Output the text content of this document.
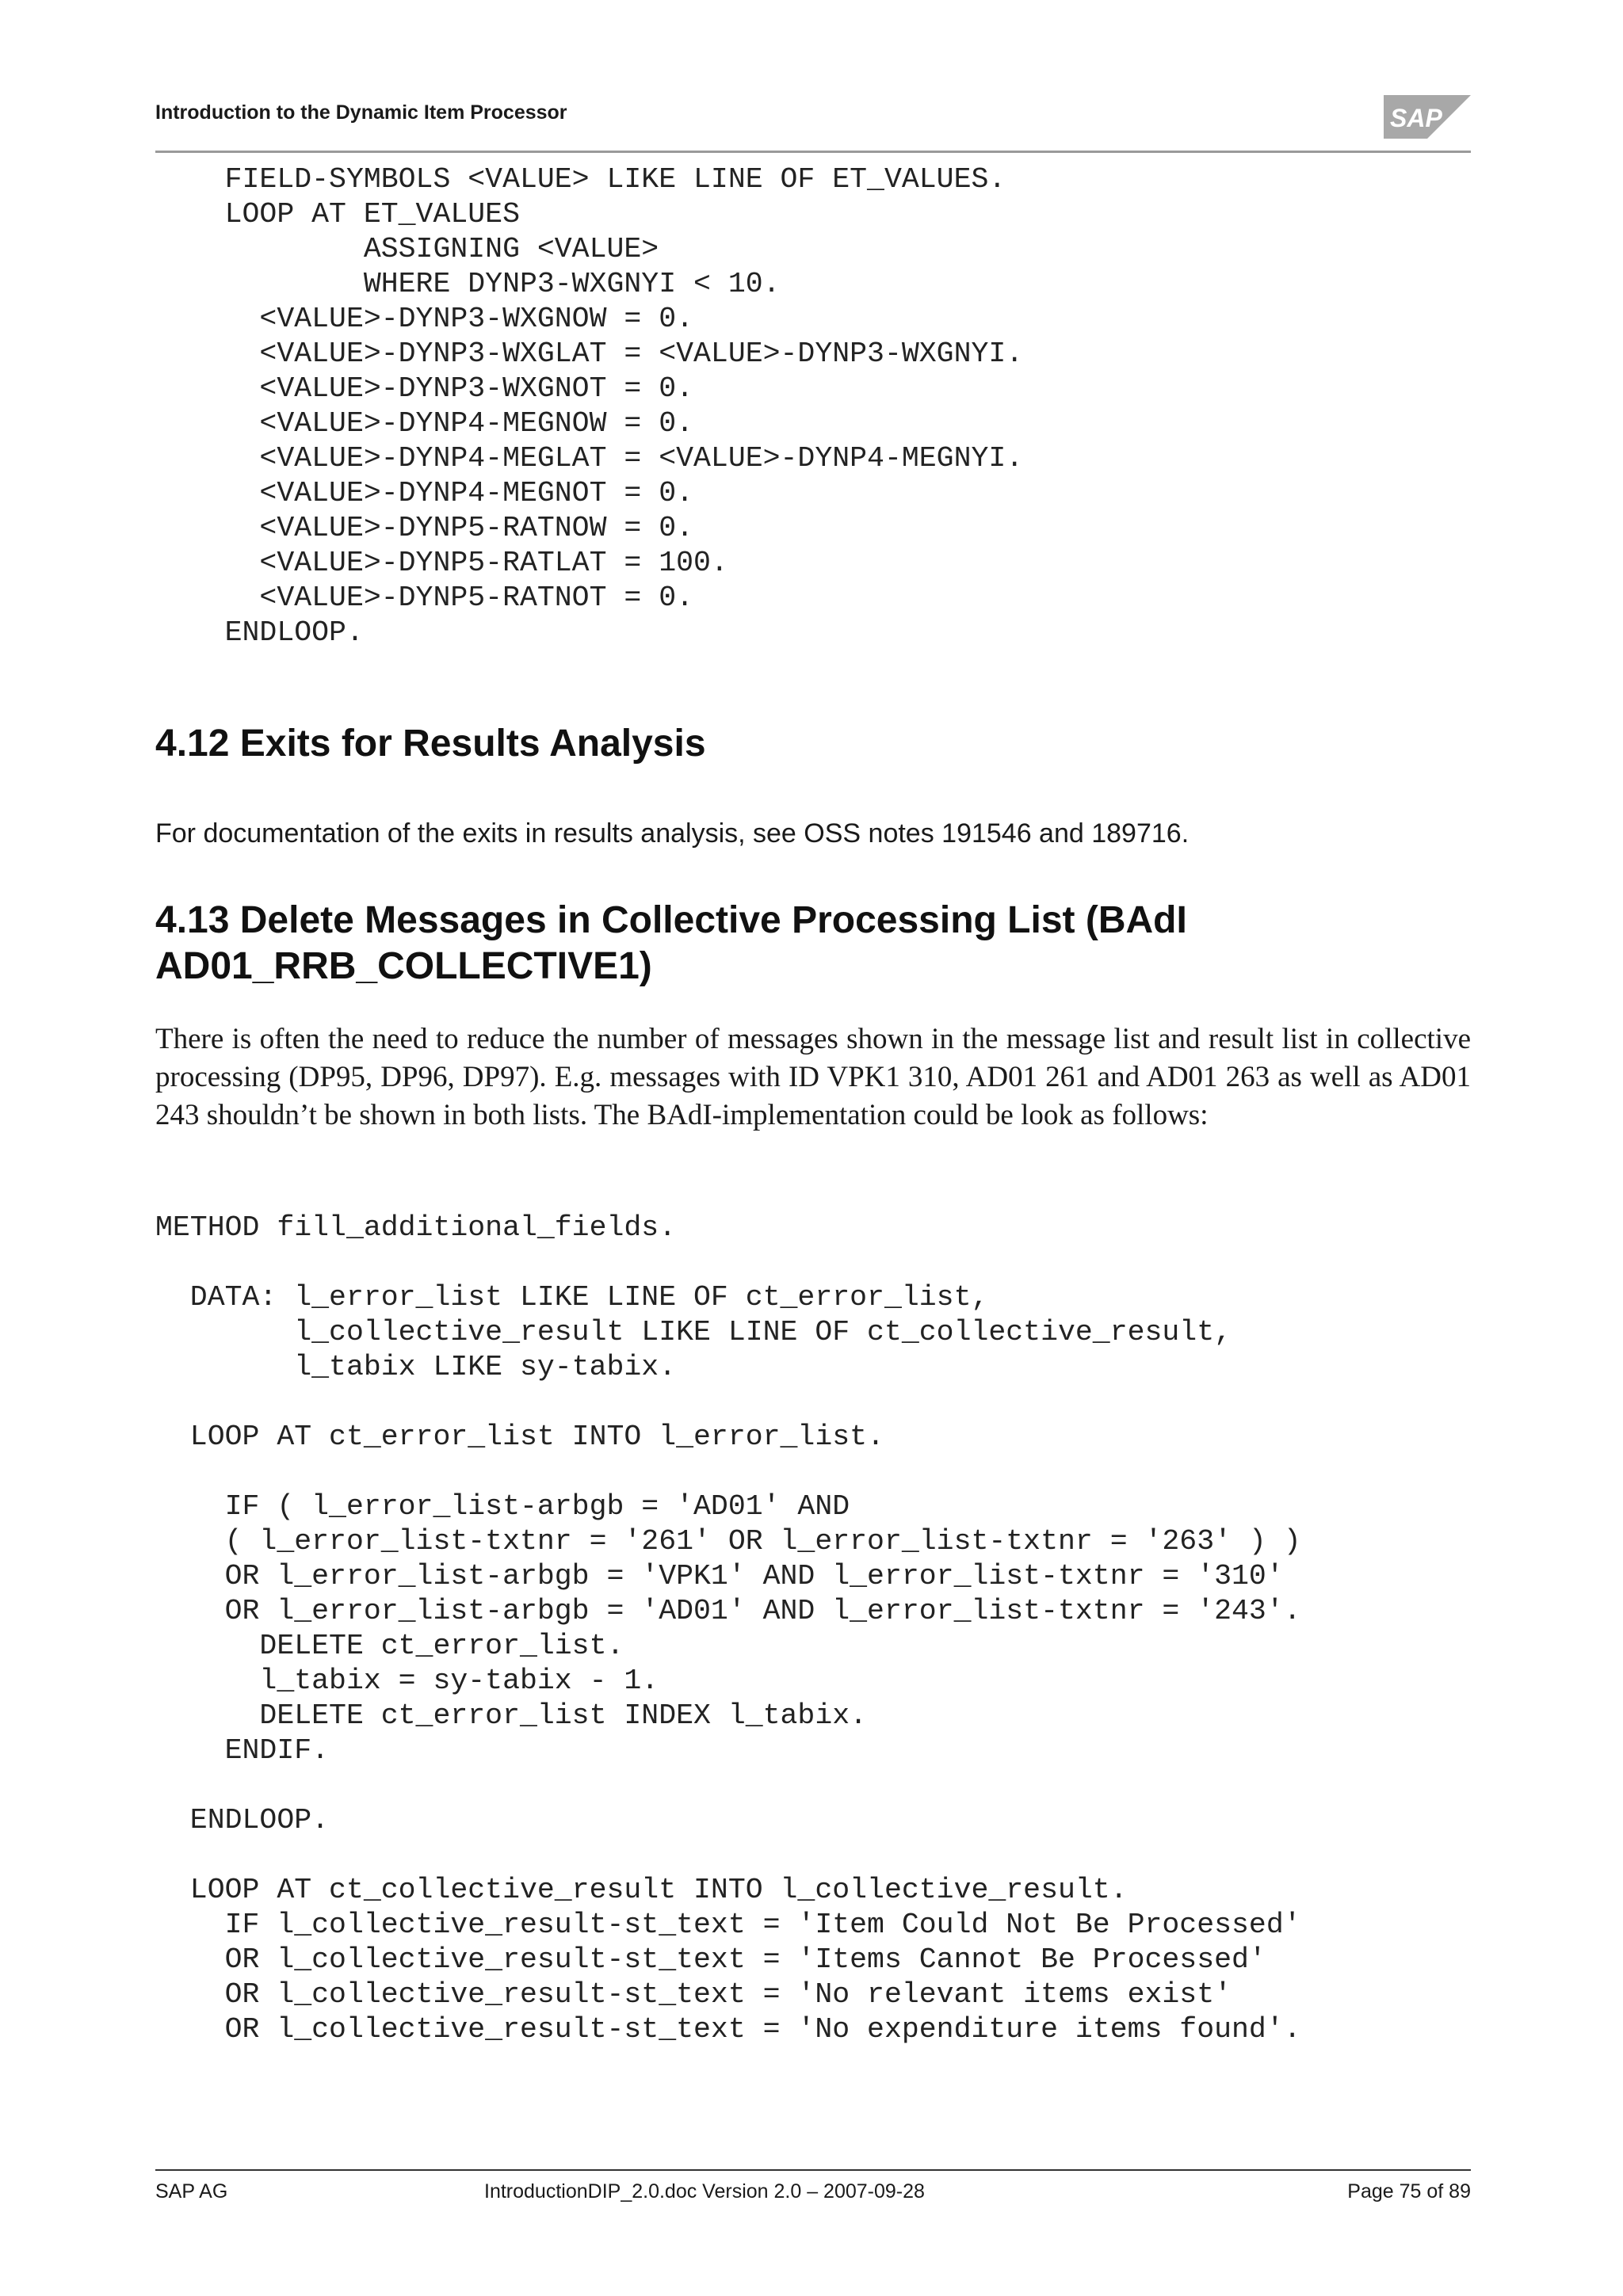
Introduction to the Dynamic Item Processor	SAP
FIELD-SYMBOLS <VALUE> LIKE LINE OF ET_VALUES.
LOOP AT ET_VALUES
ASSIGNING <VALUE>
WHERE DYNP3-WXGNYI < 10.
<VALUE>-DYNP3-WXGNOW = 0.
<VALUE>-DYNP3-WXGLAT = <VALUE>-DYNP3-WXGNYI.
<VALUE>-DYNP3-WXGNOT = 0.
<VALUE>-DYNP4-MEGNOW = 0.
<VALUE>-DYNP4-MEGLAT = <VALUE>-DYNP4-MEGNYI.
<VALUE>-DYNP4-MEGNOT = 0.
<VALUE>-DYNP5-RATNOW = 0.
<VALUE>-DYNP5-RATLAT = 100.
<VALUE>-DYNP5-RATNOT = 0.
ENDLOOP.
4.12 Exits for Results Analysis

For documentation of the exits in results analysis, see OSS notes 191546 and 189716.

4.13 Delete Messages in Collective Processing List (BAdI
AD01_RRB_COLLECTIVE1)

There is often the need to reduce the number of messages shown in the message list and result list in collective processing (DP95, DP96, DP97). E.g. messages with ID VPK1 310, AD01 261 and AD01 263 as well as AD01 243 shouldn’t be shown in both lists. The BAdI-implementation could be look as follows:

METHOD fill_additional_fields.

DATA: l_error_list LIKE LINE OF ct_error_list,
l_collective_result LIKE LINE OF ct_collective_result,
l_tabix LIKE sy-tabix.

LOOP AT ct_error_list INTO l_error_list.

IF ( l_error_list-arbgb = 'AD01' AND
( l_error_list-txtnr = '261' OR l_error_list-txtnr = '263' ) )
OR l_error_list-arbgb = 'VPK1' AND l_error_list-txtnr = '310'
OR l_error_list-arbgb = 'AD01' AND l_error_list-txtnr = '243'.
DELETE ct_error_list.
l_tabix = sy-tabix - 1.
DELETE ct_error_list INDEX l_tabix.
ENDIF.

ENDLOOP.

LOOP AT ct_collective_result INTO l_collective_result.
IF l_collective_result-st_text = 'Item Could Not Be Processed'
OR l_collective_result-st_text = 'Items Cannot Be Processed'
OR l_collective_result-st_text = 'No relevant items exist'
OR l_collective_result-st_text = 'No expenditure items found'.
SAP AG	IntroductionDIP_2.0.doc Version 2.0 – 2007-09-28	Page 75 of 89
